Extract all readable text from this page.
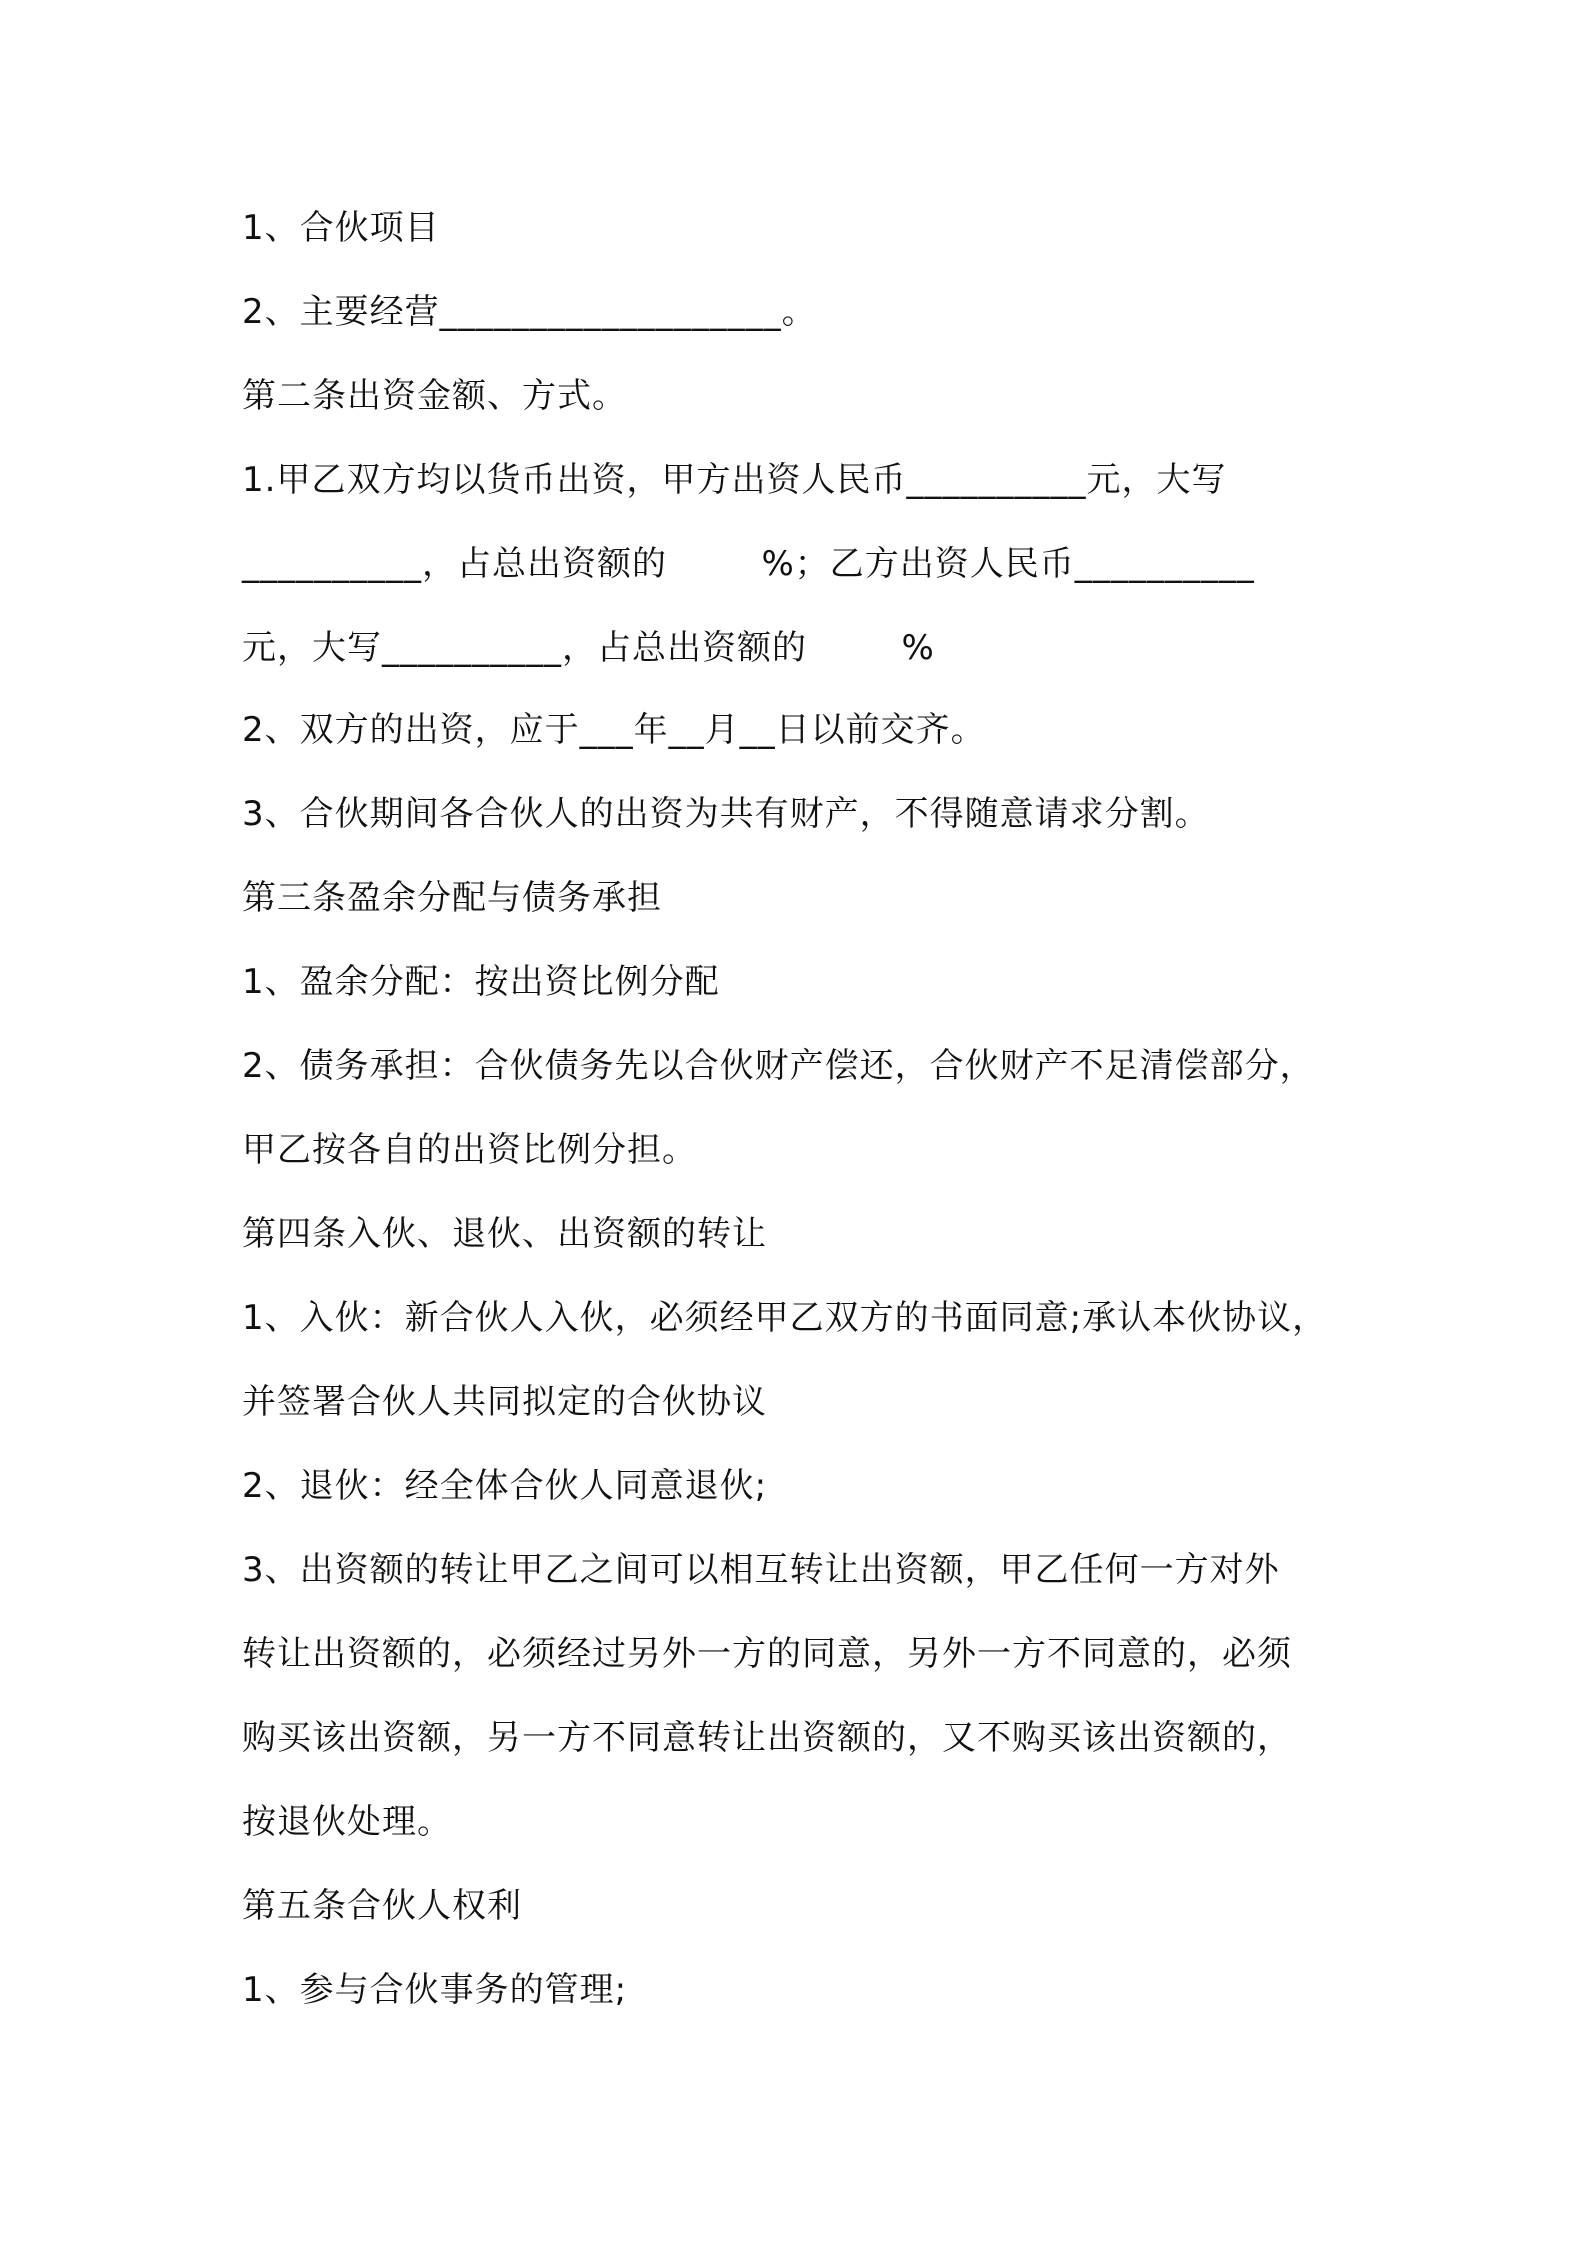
1、合伙项目
2、主要经营___________________。
第二条出资金额、方式。
1.甲乙双方均以货币出资，甲方出资人民币__________元，大写
__________，占总出资额的        %；乙方出资人民币__________
元，大写__________，占总出资额的        %
2、双方的出资，应于___年__月__日以前交齐。
3、合伙期间各合伙人的出资为共有财产，不得随意请求分割。
第三条盈余分配与债务承担
1、盈余分配：按出资比例分配
2、债务承担：合伙债务先以合伙财产偿还，合伙财产不足清偿部分，
甲乙按各自的出资比例分担。
第四条入伙、退伙、出资额的转让
1、入伙：新合伙人入伙，必须经甲乙双方的书面同意;承认本伙协议，
并签署合伙人共同拟定的合伙协议
2、退伙：经全体合伙人同意退伙;
3、出资额的转让甲乙之间可以相互转让出资额，甲乙任何一方对外
转让出资额的，必须经过另外一方的同意，另外一方不同意的，必须
购买该出资额，另一方不同意转让出资额的，又不购买该出资额的，
按退伙处理。
第五条合伙人权利
1、参与合伙事务的管理;
